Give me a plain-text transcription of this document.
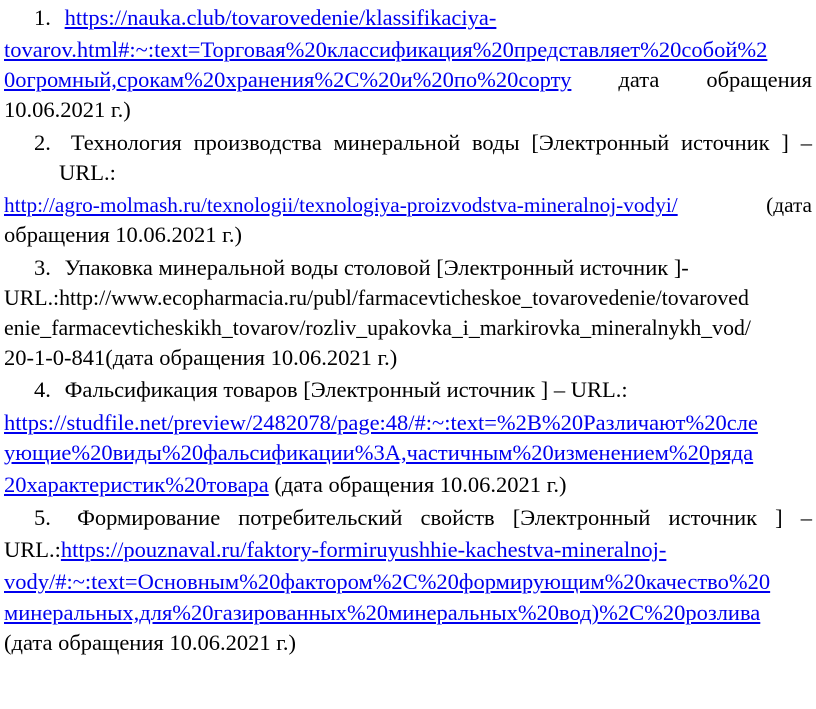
1. https://nauka.club/tovarovedenie/klassifikaciya-
tovarov.html#:~:text=Торговая%20классификация%20представляет%20собой%2
0огромный,срокам%20хранения%2С%20и%20по%20сорту дата обращения
10.06.2021 г.)
2. Технология производства минеральной воды [Электронный источник ] –
URL.:
http://agro-molmash.ru/texnologii/texnologiya-proizvodstva-mineralnoj-vodyi/	(дата
обращения 10.06.2021 г.)
3. Упаковка минеральной воды столовой [Электронный источник ]-
URL.:http://www.ecopharmacia.ru/publ/farmacevticheskoe_tovarovedenie/tovaroved
enie_farmacevticheskikh_tovarov/rozliv_upakovka_i_markirovka_mineralnykh_vod/
20-1-0-841(дата обращения 10.06.2021 г.)
4. Фальсификация товаров [Электронный источник ] – URL.:
https://studfile.net/preview/2482078/page:48/#:~:text=%2В%20Различают%20сле
ующие%20виды%20фальсификации%3А,частичным%20изменением%20ряда
20характеристик%20товара (дата обращения 10.06.2021 г.)
5. Формирование потребительский свойств [Электронный источник ] –
URL.:https://pouznaval.ru/faktory-formiruyushhie-kachestva-mineralnoj-
vody/#:~:text=Основным%20фактором%2С%20формирующим%20качество%20
минеральных,для%20газированных%20минеральных%20вод)%2С%20розлива
(дата обращения 10.06.2021 г.)
